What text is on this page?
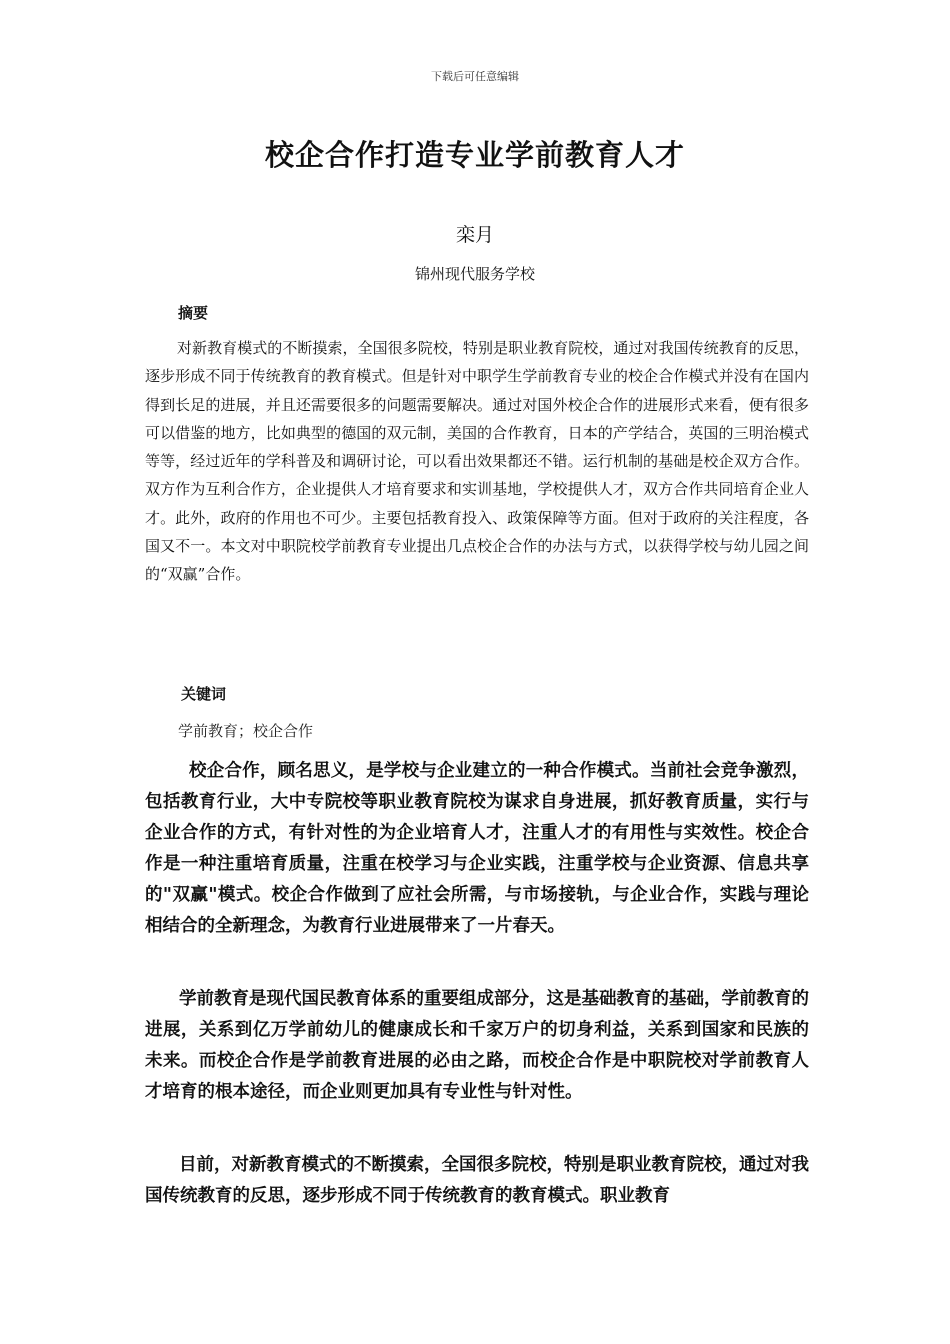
下载后可任意编辑
校企合作打造专业学前教育人才
栾月
锦州现代服务学校
摘要

对新教育模式的不断摸索，全国很多院校，特别是职业教育院校，通过对我国传统教育的反思，逐步形成不同于传统教育的教育模式。但是针对中职学生学前教育专业的校企合作模式并没有在国内得到长足的进展，并且还需要很多的问题需要解决。通过对国外校企合作的进展形式来看，便有很多可以借鉴的地方，比如典型的德国的双元制，美国的合作教育，日本的产学结合，英国的三明治模式等等，经过近年的学科普及和调研讨论，可以看出效果都还不错。运行机制的基础是校企双方合作。双方作为互利合作方，企业提供人才培育要求和实训基地，学校提供人才，双方合作共同培育企业人才。此外，政府的作用也不可少。主要包括教育投入、政策保障等方面。但对于政府的关注程度，各国又不一。本文对中职院校学前教育专业提出几点校企合作的办法与方式，以获得学校与幼儿园之间的“双赢”合作。

关键词
学前教育；校企合作

校企合作，顾名思义，是学校与企业建立的一种合作模式。当前社会竞争激烈，包括教育行业，大中专院校等职业教育院校为谋求自身进展，抓好教育质量，实行与企业合作的方式，有针对性的为企业培育人才，注重人才的有用性与实效性。校企合作是一种注重培育质量，注重在校学习与企业实践，注重学校与企业资源、信息共享的"双赢"模式。校企合作做到了应社会所需，与市场接轨，与企业合作，实践与理论相结合的全新理念，为教育行业进展带来了一片春天。

学前教育是现代国民教育体系的重要组成部分，这是基础教育的基础，学前教育的进展，关系到亿万学前幼儿的健康成长和千家万户的切身利益，关系到国家和民族的未来。而校企合作是学前教育进展的必由之路，而校企合作是中职院校对学前教育人才培育的根本途径，而企业则更加具有专业性与针对性。

目前，对新教育模式的不断摸索，全国很多院校，特别是职业教育院校，通过对我国传统教育的反思，逐步形成不同于传统教育的教育模式。职业教育
